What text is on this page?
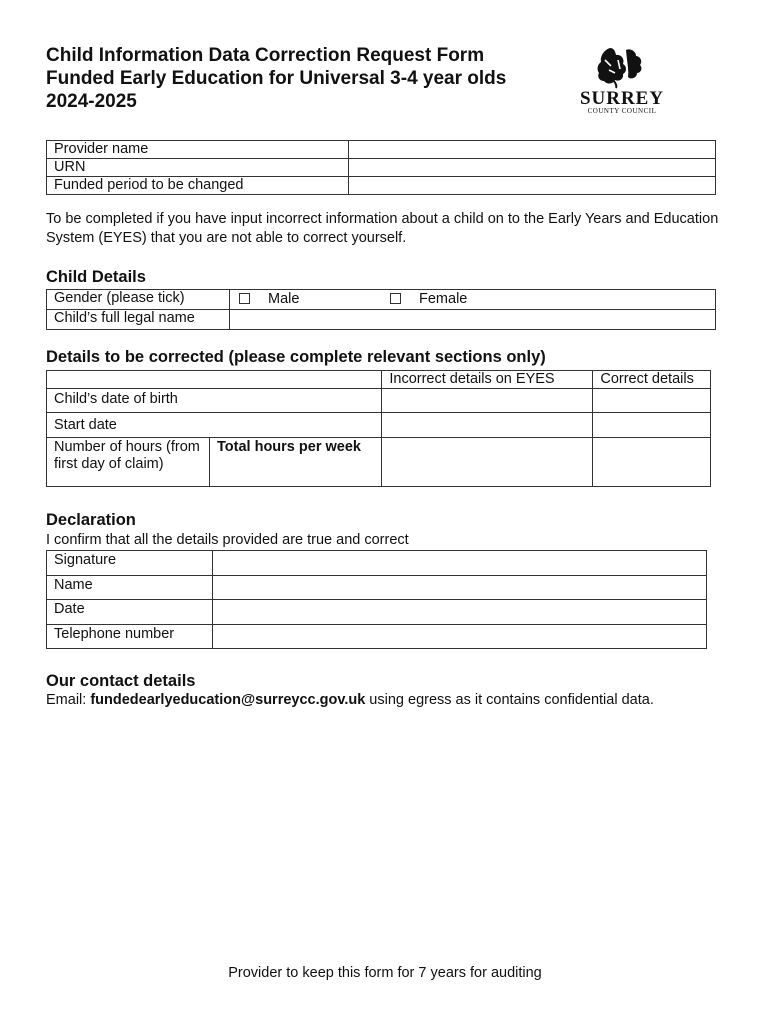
Child Information Data Correction Request Form
Funded Early Education for Universal 3-4 year olds
2024-2025	SURREY
COUNTY COUNCIL
Provider name	
URN	
Funded period to be changed	
To be completed if you have input incorrect information about a child on to the Early Years and Education System (EYES) that you are not able to correct yourself.
Child Details
Gender (please tick)	Male Female

Child’s full legal name	
Details to be corrected (please complete relevant sections only)
		Incorrect details on EYES	Correct details
Child’s date of birth			
Start date			
Number of hours (from first day of claim)	Total hours per week		
Declaration
I confirm that all the details provided are true and correct
Signature	
Name	
Date	
Telephone number	
Our contact details
Email: fundedearlyeducation@surreycc.gov.uk using egress as it contains confidential data.
Provider to keep this form for 7 years for auditing
